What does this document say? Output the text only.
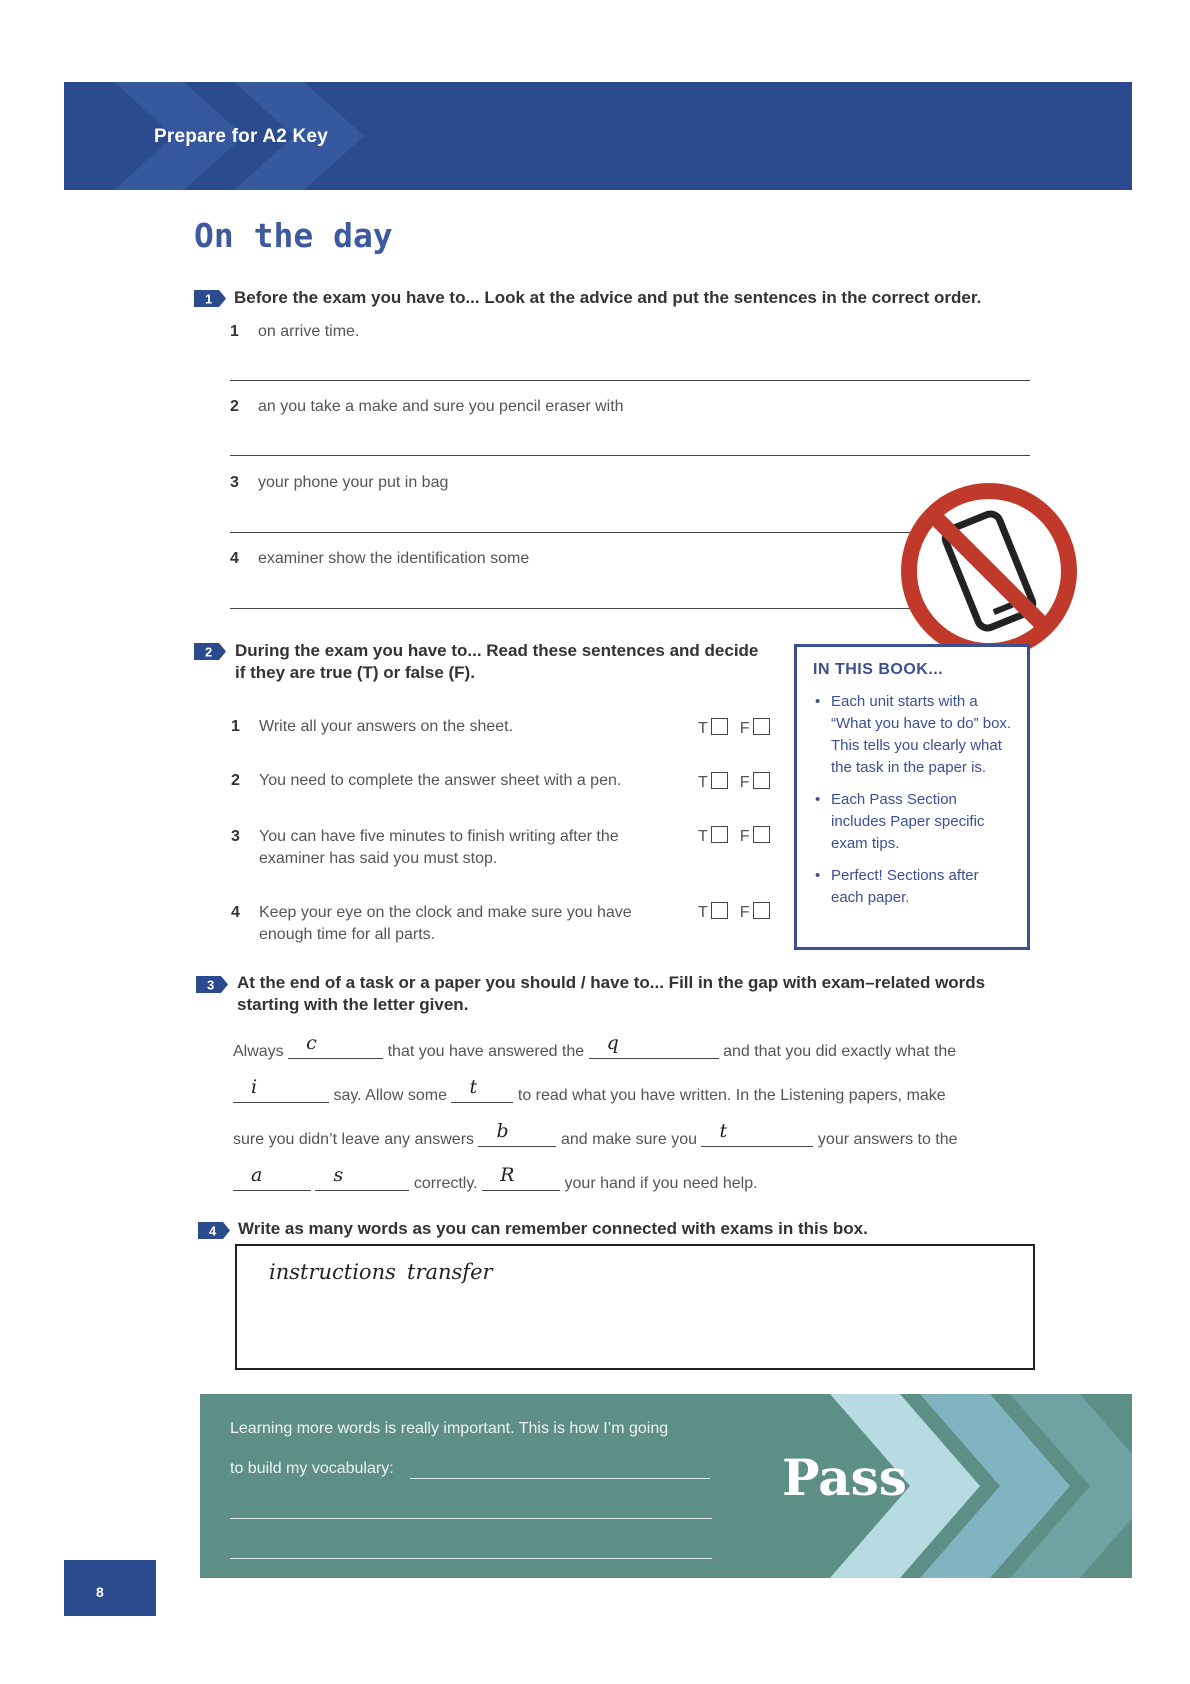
Prepare for A2 Key
On the day
1 Before the exam you have to... Look at the advice and put the sentences in the correct order.
1 on arrive time.
2 an you take a make and sure you pencil eraser with
3 your phone your put in bag
4 examiner show the identification some
2 During the exam you have to... Read these sentences and decide
if they are true (T) or false (F).
1 Write all your answers on the sheet.	T F
2 You need to complete the answer sheet with a pen.	T F
3 You can have five minutes to finish writing after the
examiner has said you must stop.
T F
4 Keep your eye on the clock and make sure you have
enough time for all parts.
T F
IN THIS BOOK...
• Each unit starts with a “What you have to do” box. This tells you clearly what the task in the paper is.
• Each Pass Section includes Paper specific exam tips.
• Perfect! Sections after each paper.
3 At the end of a task or a paper you should / have to... Fill in the gap with exam–related words
starting with the letter given.
Always c	that you have answered the q	and that you did exactly what the
i	say. Allow some t	to read what you have written. In the Listening papers, make
sure you didn’t leave any answers b	and make sure you t	your answers to the
a
	s	correctly. R	your hand if you need help.
4 Write as many words as you can remember connected with exams in this box.
instructions transfer
Learning more words is really important. This is how I’m going
to build my vocabulary:	Pass
8
